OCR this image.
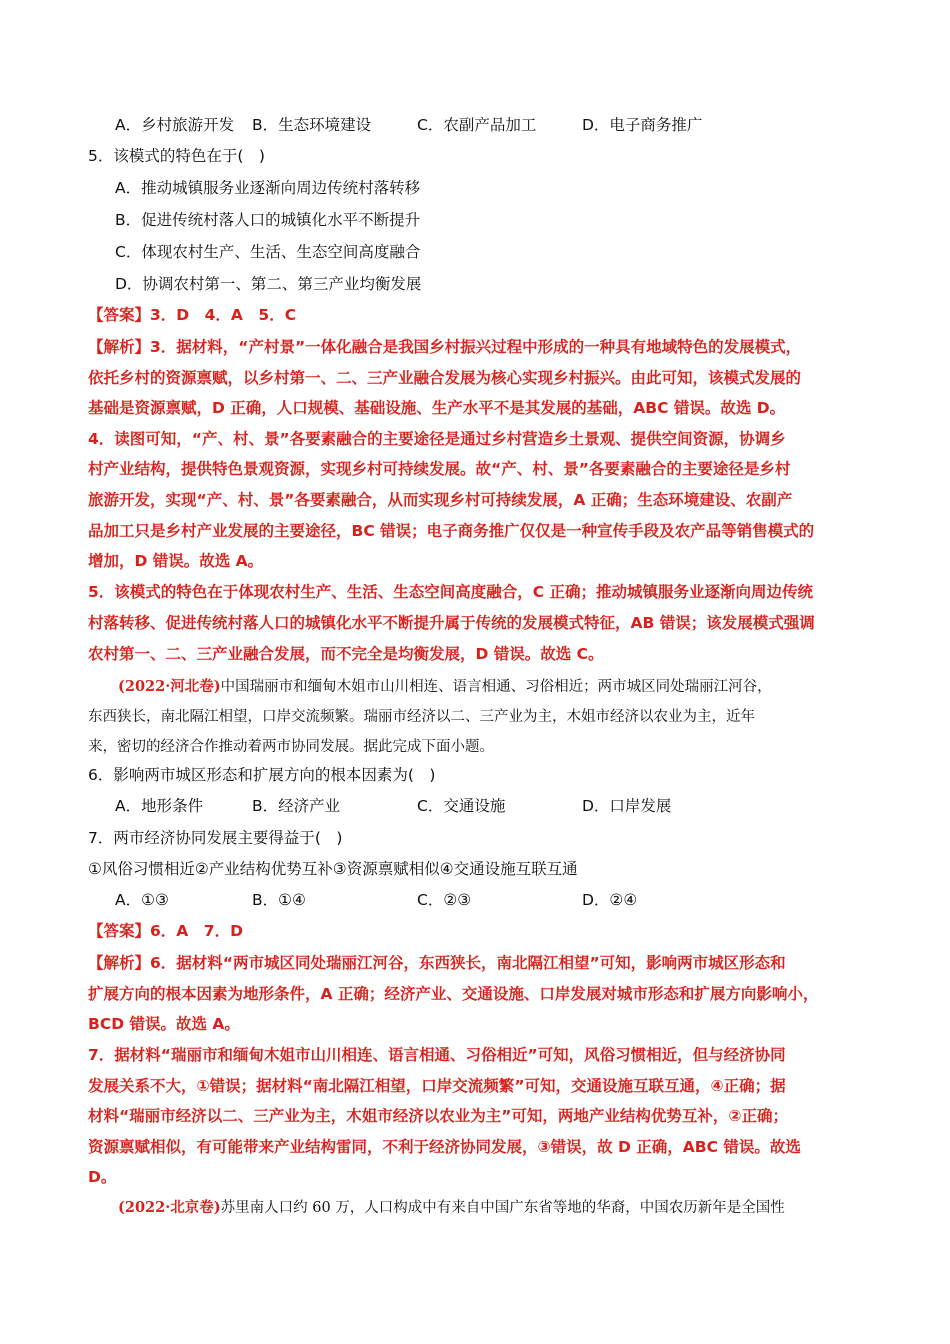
A．乡村旅游开发 B．生态环境建设	C．农副产品加工	D．电子商务推广
5．该模式的特色在于(　)
A．推动城镇服务业逐渐向周边传统村落转移
B．促进传统村落人口的城镇化水平不断提升
C．体现农村生产、生活、生态空间高度融合
D．协调农村第一、第二、第三产业均衡发展
【答案】3．D　4．A　5．C
【解析】3．据材料，“产村景”一体化融合是我国乡村振兴过程中形成的一种具有地域特色的发展模式，
依托乡村的资源禀赋，以乡村第一、二、三产业融合发展为核心实现乡村振兴。由此可知，该模式发展的
基础是资源禀赋，D 正确，人口规模、基础设施、生产水平不是其发展的基础，ABC 错误。故选 D。
4．读图可知，“产、村、景”各要素融合的主要途径是通过乡村营造乡土景观、提供空间资源，协调乡
村产业结构，提供特色景观资源，实现乡村可持续发展。故“产、村、景”各要素融合的主要途径是乡村
旅游开发，实现“产、村、景”各要素融合，从而实现乡村可持续发展，A 正确；生态环境建设、农副产
品加工只是乡村产业发展的主要途径，BC 错误；电子商务推广仅仅是一种宣传手段及农产品等销售模式的
增加，D 错误。故选 A。
5．该模式的特色在于体现农村生产、生活、生态空间高度融合，C 正确；推动城镇服务业逐渐向周边传统
村落转移、促进传统村落人口的城镇化水平不断提升属于传统的发展模式特征，AB 错误；该发展模式强调
农村第一、二、三产业融合发展，而不完全是均衡发展，D 错误。故选 C。
(2022·河北卷)中国瑞丽市和缅甸木姐市山川相连、语言相通、习俗相近；两市城区同处瑞丽江河谷，
东西狭长，南北隔江相望，口岸交流频繁。瑞丽市经济以二、三产业为主，木姐市经济以农业为主，近年
来，密切的经济合作推动着两市协同发展。据此完成下面小题。
6．影响两市城区形态和扩展方向的根本因素为(　)
A．地形条件	B．经济产业	C．交通设施	D．口岸发展
7．两市经济协同发展主要得益于(　)
①风俗习惯相近②产业结构优势互补③资源禀赋相似④交通设施互联互通
A．①③	B．①④	C．②③	D．②④
【答案】6．A　7．D
【解析】6．据材料“两市城区同处瑞丽江河谷，东西狭长，南北隔江相望”可知，影响两市城区形态和
扩展方向的根本因素为地形条件，A 正确；经济产业、交通设施、口岸发展对城市形态和扩展方向影响小，
BCD 错误。故选 A。
7．据材料“瑞丽市和缅甸木姐市山川相连、语言相通、习俗相近”可知，风俗习惯相近，但与经济协同
发展关系不大，①错误；据材料“南北隔江相望，口岸交流频繁”可知，交通设施互联互通，④正确；据
材料“瑞丽市经济以二、三产业为主，木姐市经济以农业为主”可知，两地产业结构优势互补，②正确；
资源禀赋相似，有可能带来产业结构雷同，不利于经济协同发展，③错误，故 D 正确，ABC 错误。故选
D。
(2022·北京卷)苏里南人口约 60 万，人口构成中有来自中国广东省等地的华裔，中国农历新年是全国性
